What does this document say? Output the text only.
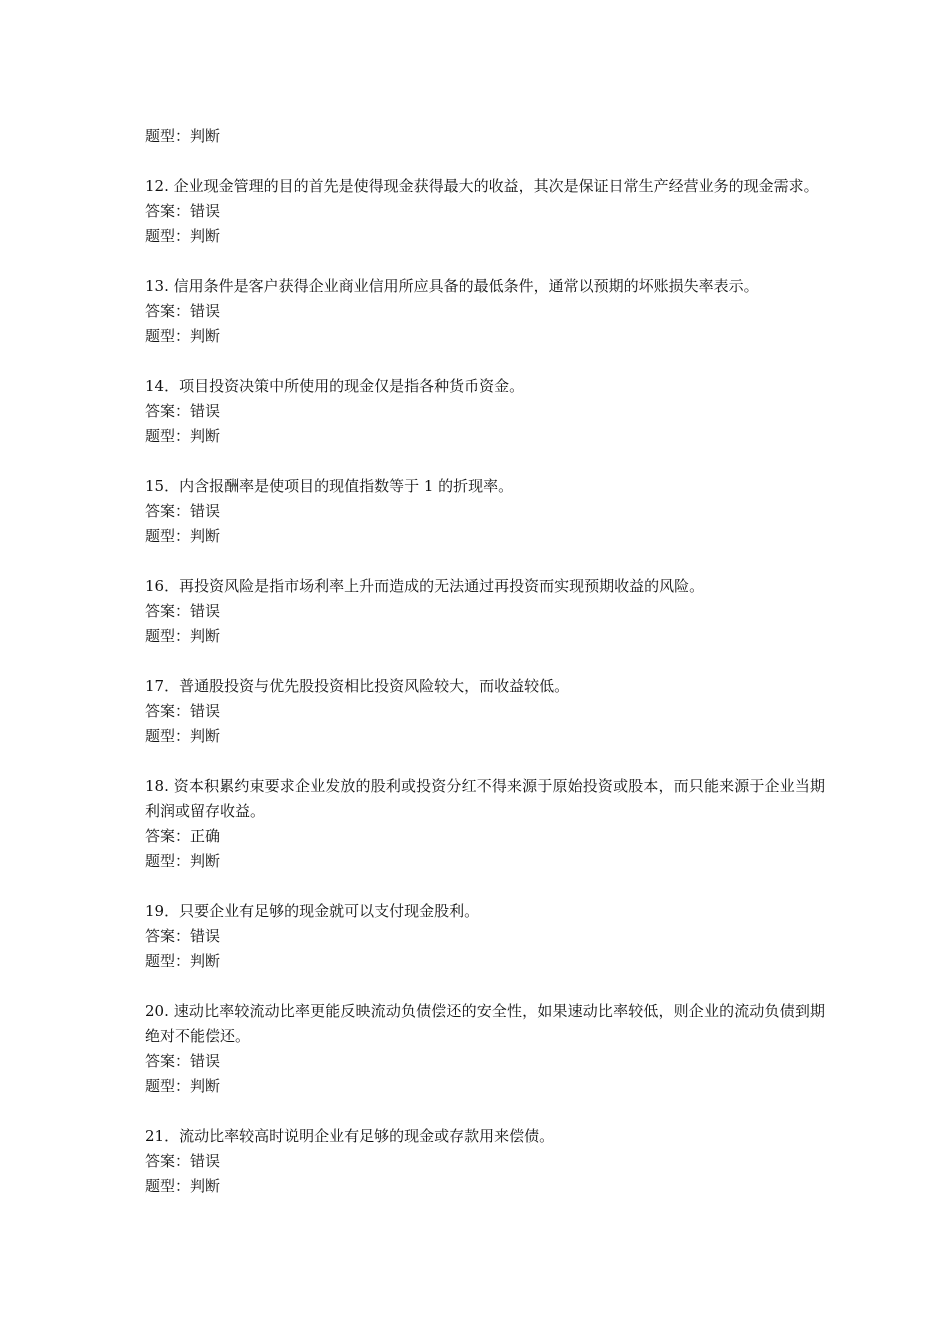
题型：判断

12. 企业现金管理的目的首先是使得现金获得最大的收益，其次是保证日常生产经营业务的现金需求。

答案：错误

题型：判断

13. 信用条件是客户获得企业商业信用所应具备的最低条件，通常以预期的坏账损失率表示。

答案：错误

题型：判断

14．项目投资决策中所使用的现金仅是指各种货币资金。

答案：错误

题型：判断

15．内含报酬率是使项目的现值指数等于 1 的折现率。

答案：错误

题型：判断

16．再投资风险是指市场利率上升而造成的无法通过再投资而实现预期收益的风险。

答案：错误

题型：判断

17．普通股投资与优先股投资相比投资风险较大，而收益较低。

答案：错误

题型：判断

18. 资本积累约束要求企业发放的股利或投资分红不得来源于原始投资或股本，而只能来源于企业当期利润或留存收益。

答案：正确

题型：判断

19．只要企业有足够的现金就可以支付现金股利。

答案：错误

题型：判断

20. 速动比率较流动比率更能反映流动负债偿还的安全性，如果速动比率较低，则企业的流动负债到期绝对不能偿还。

答案：错误

题型：判断

21．流动比率较高时说明企业有足够的现金或存款用来偿债。

答案：错误

题型：判断
